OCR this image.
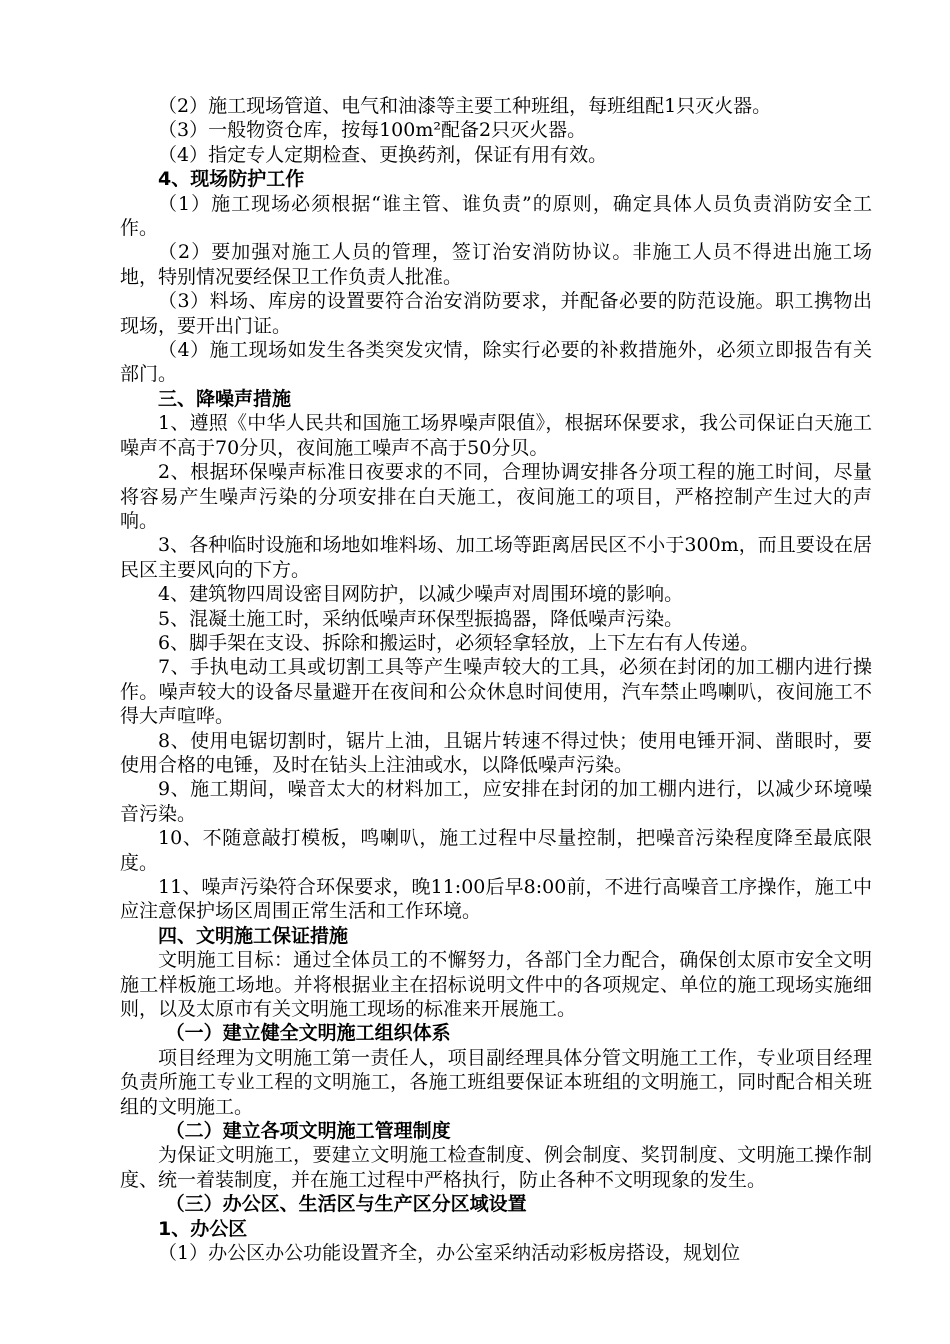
（2）施工现场管道、电气和油漆等主要工种班组，每班组配1只灭火器。

（3）一般物资仓库，按每100m²配备2只灭火器。

（4）指定专人定期检查、更换药剂，保证有用有效。

4、现场防护工作

（1）施工现场必须根据“谁主管、谁负责”的原则，确定具体人员负责消防安全工作。

（2）要加强对施工人员的管理，签订治安消防协议。非施工人员不得进出施工场地，特别情况要经保卫工作负责人批准。

（3）料场、库房的设置要符合治安消防要求，并配备必要的防范设施。职工携物出现场，要开出门证。

（4）施工现场如发生各类突发灾情，除实行必要的补救措施外，必须立即报告有关部门。

三、降噪声措施

1、遵照《中华人民共和国施工场界噪声限值》，根据环保要求，我公司保证白天施工噪声不高于70分贝，夜间施工噪声不高于50分贝。

2、根据环保噪声标准日夜要求的不同，合理协调安排各分项工程的施工时间，尽量将容易产生噪声污染的分项安排在白天施工，夜间施工的项目，严格控制产生过大的声响。

3、各种临时设施和场地如堆料场、加工场等距离居民区不小于300m，而且要设在居民区主要风向的下方。

4、建筑物四周设密目网防护，以减少噪声对周围环境的影响。

5、混凝土施工时，采纳低噪声环保型振捣器，降低噪声污染。

6、脚手架在支设、拆除和搬运时，必须轻拿轻放，上下左右有人传递。

7、手执电动工具或切割工具等产生噪声较大的工具，必须在封闭的加工棚内进行操作。噪声较大的设备尽量避开在夜间和公众休息时间使用，汽车禁止鸣喇叭，夜间施工不得大声喧哗。

8、使用电锯切割时，锯片上油，且锯片转速不得过快；使用电锤开洞、凿眼时，要使用合格的电锤，及时在钻头上注油或水，以降低噪声污染。

9、施工期间，噪音太大的材料加工，应安排在封闭的加工棚内进行，以减少环境噪音污染。

10、不随意敲打模板，鸣喇叭，施工过程中尽量控制，把噪音污染程度降至最底限度。

11、噪声污染符合环保要求，晚11:00后早8:00前，不进行高噪音工序操作，施工中应注意保护场区周围正常生活和工作环境。

四、文明施工保证措施

文明施工目标：通过全体员工的不懈努力，各部门全力配合，确保创太原市安全文明施工样板施工场地。并将根据业主在招标说明文件中的各项规定、单位的施工现场实施细则，以及太原市有关文明施工现场的标准来开展施工。

（一）建立健全文明施工组织体系

项目经理为文明施工第一责任人，项目副经理具体分管文明施工工作，专业项目经理负责所施工专业工程的文明施工，各施工班组要保证本班组的文明施工，同时配合相关班组的文明施工。

（二）建立各项文明施工管理制度

为保证文明施工，要建立文明施工检查制度、例会制度、奖罚制度、文明施工操作制度、统一着装制度，并在施工过程中严格执行，防止各种不文明现象的发生。

（三）办公区、生活区与生产区分区域设置

1、办公区

（1）办公区办公功能设置齐全，办公室采纳活动彩板房搭设，规划位
